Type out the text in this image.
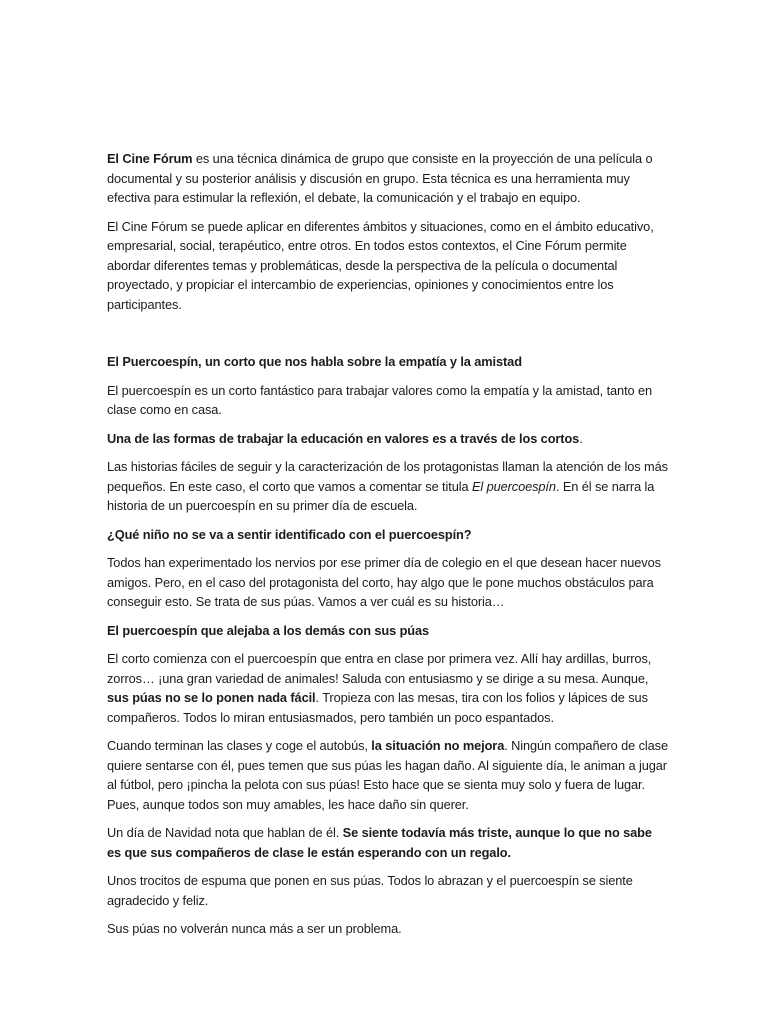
El Cine Fórum es una técnica dinámica de grupo que consiste en la proyección de una película o documental y su posterior análisis y discusión en grupo. Esta técnica es una herramienta muy efectiva para estimular la reflexión, el debate, la comunicación y el trabajo en equipo.

El Cine Fórum se puede aplicar en diferentes ámbitos y situaciones, como en el ámbito educativo, empresarial, social, terapéutico, entre otros. En todos estos contextos, el Cine Fórum permite abordar diferentes temas y problemáticas, desde la perspectiva de la película o documental proyectado, y propiciar el intercambio de experiencias, opiniones y conocimientos entre los participantes.

El Puercoespín, un corto que nos habla sobre la empatía y la amistad

El puercoespín es un corto fantástico para trabajar valores como la empatía y la amistad, tanto en clase como en casa.

Una de las formas de trabajar la educación en valores es a través de los cortos.

Las historias fáciles de seguir y la caracterización de los protagonistas llaman la atención de los más pequeños. En este caso, el corto que vamos a comentar se titula El puercoespín. En él se narra la historia de un puercoespín en su primer día de escuela.

¿Qué niño no se va a sentir identificado con el puercoespín?

Todos han experimentado los nervios por ese primer día de colegio en el que desean hacer nuevos amigos. Pero, en el caso del protagonista del corto, hay algo que le pone muchos obstáculos para conseguir esto. Se trata de sus púas. Vamos a ver cuál es su historia…

El puercoespín que alejaba a los demás con sus púas

El corto comienza con el puercoespín que entra en clase por primera vez. Allí hay ardillas, burros, zorros… ¡una gran variedad de animales! Saluda con entusiasmo y se dirige a su mesa. Aunque, sus púas no se lo ponen nada fácil. Tropieza con las mesas, tira con los folios y lápices de sus compañeros. Todos lo miran entusiasmados, pero también un poco espantados.

Cuando terminan las clases y coge el autobús, la situación no mejora. Ningún compañero de clase quiere sentarse con él, pues temen que sus púas les hagan daño. Al siguiente día, le animan a jugar al fútbol, pero ¡pincha la pelota con sus púas! Esto hace que se sienta muy solo y fuera de lugar. Pues, aunque todos son muy amables, les hace daño sin querer.

Un día de Navidad nota que hablan de él. Se siente todavía más triste, aunque lo que no sabe es que sus compañeros de clase le están esperando con un regalo.

Unos trocitos de espuma que ponen en sus púas. Todos lo abrazan y el puercoespín se siente agradecido y feliz.

Sus púas no volverán nunca más a ser un problema.
